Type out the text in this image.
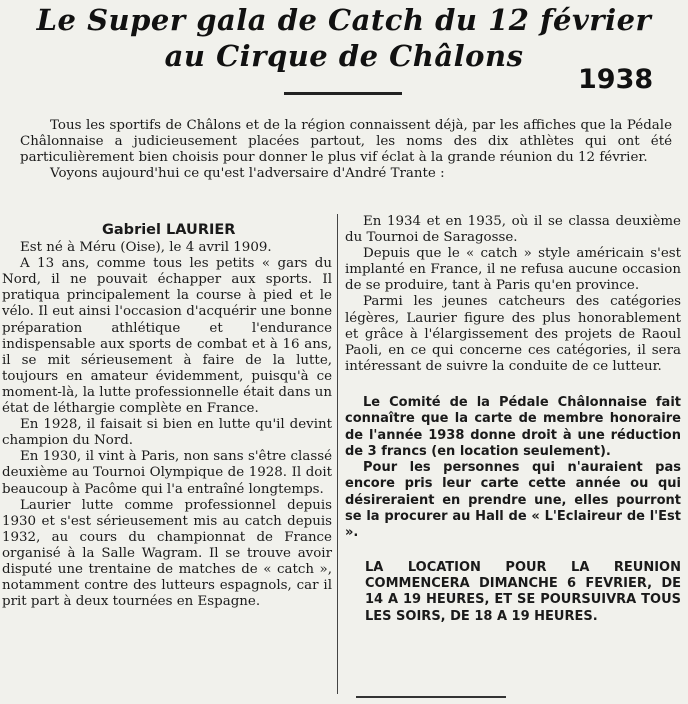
Le Super gala de Catch du 12 février
au Cirque de Châlons
1938

Tous les sportifs de Châlons et de la région connaissent déjà, par les affiches que la Pédale Châlonnaise a judicieusement placées partout, les noms des dix athlètes qui ont été particulièrement bien choisis pour donner le plus vif éclat à la grande réunion du 12 février.

Voyons aujourd'hui ce qu'est l'adversaire d'André Trante :

Gabriel LAURIER

Est né à Méru (Oise), le 4 avril 1909.

A 13 ans, comme tous les petits « gars du Nord, il ne pouvait échapper aux sports. Il pratiqua principalement la course à pied et le vélo. Il eut ainsi l'occasion d'acquérir une bonne préparation athlétique et l'endurance indispensable aux sports de combat et à 16 ans, il se mit sérieusement à faire de la lutte, toujours en amateur évidemment, puisqu'à ce moment-là, la lutte professionnelle était dans un état de léthargie complète en France.

En 1928, il faisait si bien en lutte qu'il devint champion du Nord.

En 1930, il vint à Paris, non sans s'être classé deuxième au Tournoi Olympique de 1928. Il doit beaucoup à Pacôme qui l'a entraîné longtemps.

Laurier lutte comme professionnel depuis 1930 et s'est sérieusement mis au catch depuis 1932, au cours du championnat de France organisé à la Salle Wagram. Il se trouve avoir disputé une trentaine de matches de « catch », notamment contre des lutteurs espagnols, car il prit part à deux tournées en Espagne.

En 1934 et en 1935, où il se classa deuxième du Tournoi de Saragosse.

Depuis que le « catch » style américain s'est implanté en France, il ne refusa aucune occasion de se produire, tant à Paris qu'en province.

Parmi les jeunes catcheurs des catégories légères, Laurier figure des plus honorablement et grâce à l'élargissement des projets de Raoul Paoli, en ce qui concerne ces catégories, il sera intéressant de suivre la conduite de ce lutteur.

Le Comité de la Pédale Châlonnaise fait connaître que la carte de membre honoraire de l'année 1938 donne droit à une réduction de 3 francs (en location seulement).

Pour les personnes qui n'auraient pas encore pris leur carte cette année ou qui désireraient en prendre une, elles pourront se la procurer au Hall de « L'Eclaireur de l'Est ».

LA LOCATION POUR LA REUNION COMMENCERA DIMANCHE 6 FEVRIER, DE 14 A 19 HEURES, ET SE POURSUIVRA TOUS LES SOIRS, DE 18 A 19 HEURES.
